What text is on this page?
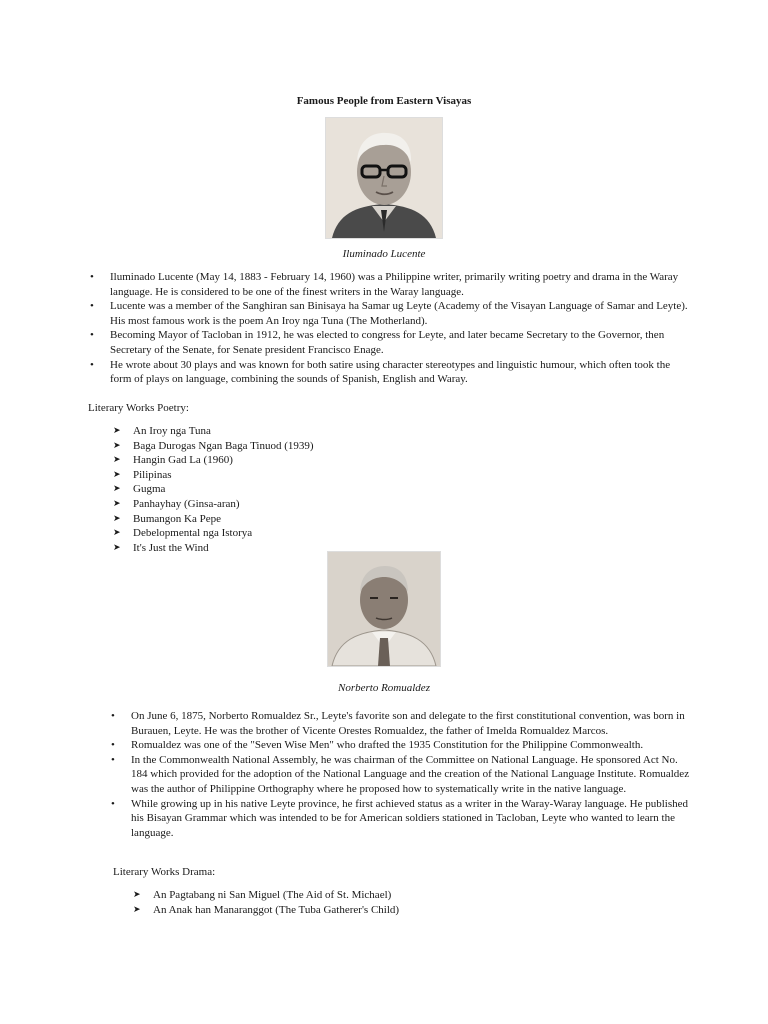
Famous People from Eastern Visayas
Iluminado Lucente
• Iluminado Lucente (May 14, 1883 - February 14, 1960) was a Philippine writer, primarily writing poetry and drama in the Waray language. He is considered to be one of the finest writers in the Waray language.
• Lucente was a member of the Sanghiran san Binisaya ha Samar ug Leyte (Academy of the Visayan Language of Samar and Leyte). His most famous work is the poem An Iroy nga Tuna (The Motherland).
• Becoming Mayor of Tacloban in 1912, he was elected to congress for Leyte, and later became Secretary to the Governor, then Secretary of the Senate, for Senate president Francisco Enage.
• He wrote about 30 plays and was known for both satire using character stereotypes and linguistic humour, which often took the form of plays on language, combining the sounds of Spanish, English and Waray.
Literary Works Poetry:
➤ An Iroy nga Tuna
➤ Baga Durogas Ngan Baga Tinuod (1939)
➤ Hangin Gad La (1960)
➤ Pilipinas
➤ Gugma
➤ Panhayhay (Ginsa-aran)
➤ Bumangon Ka Pepe
➤ Debelopmental nga Istorya
➤ It's Just the Wind
Norberto Romualdez
• On June 6, 1875, Norberto Romualdez Sr., Leyte's favorite son and delegate to the first constitutional convention, was born in Burauen, Leyte. He was the brother of Vicente Orestes Romualdez, the father of Imelda Romualdez Marcos.
• Romualdez was one of the "Seven Wise Men" who drafted the 1935 Constitution for the Philippine Commonwealth.
• In the Commonwealth National Assembly, he was chairman of the Committee on National Language. He sponsored Act No. 184 which provided for the adoption of the National Language and the creation of the National Language Institute. Romualdez was the author of Philippine Orthography where he proposed how to systematically write in the native language.
• While growing up in his native Leyte province, he first achieved status as a writer in the Waray-Waray language. He published his Bisayan Grammar which was intended to be for American soldiers stationed in Tacloban, Leyte who wanted to learn the language.
Literary Works Drama:
➤ An Pagtabang ni San Miguel (The Aid of St. Michael)
➤ An Anak han Manaranggot (The Tuba Gatherer's Child)
